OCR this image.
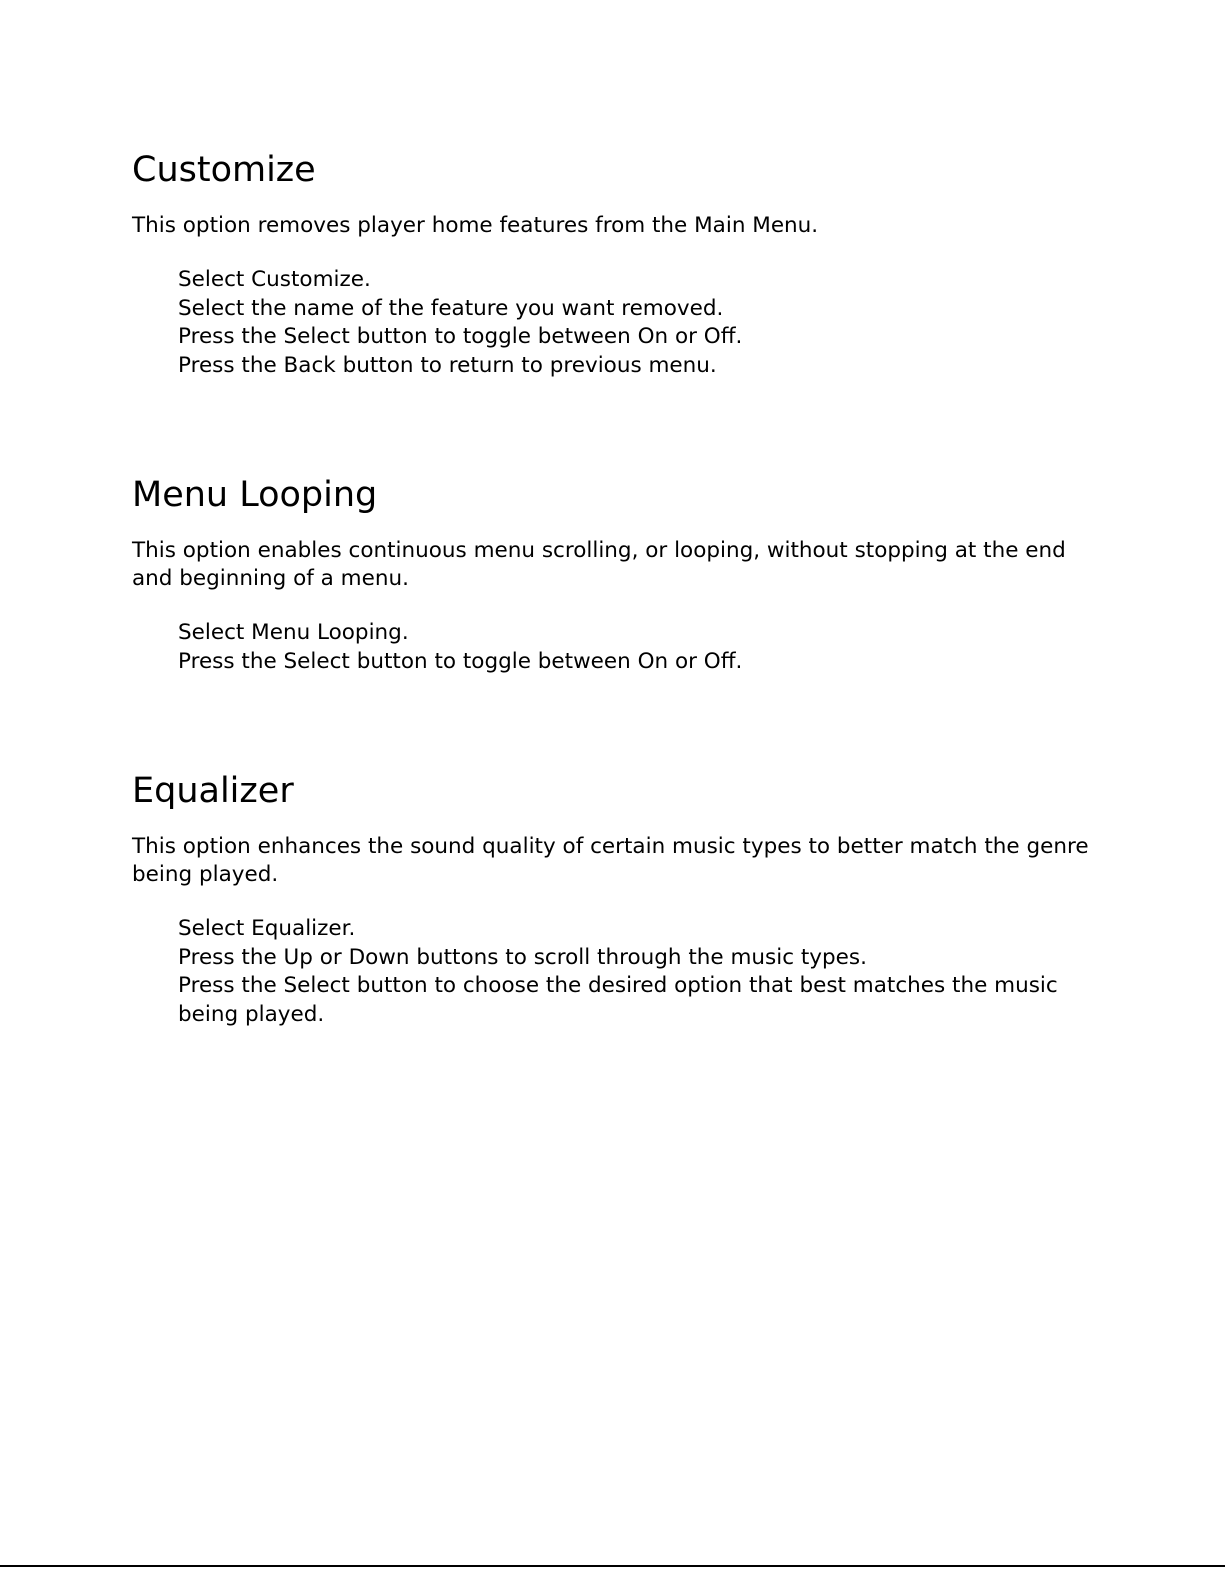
Customize

This option removes player home features from the Main Menu.

Select Customize.
Select the name of the feature you want removed.
Press the Select button to toggle between On or Off.
Press the Back button to return to previous menu.
Menu Looping

This option enables continuous menu scrolling, or looping, without stopping at the end and beginning of a menu.

Select Menu Looping.
Press the Select button to toggle between On or Off.
Equalizer

This option enhances the sound quality of certain music types to better match the genre being played.

Select Equalizer.
Press the Up or Down buttons to scroll through the music types.
Press the Select button to choose the desired option that best matches the music being played.
